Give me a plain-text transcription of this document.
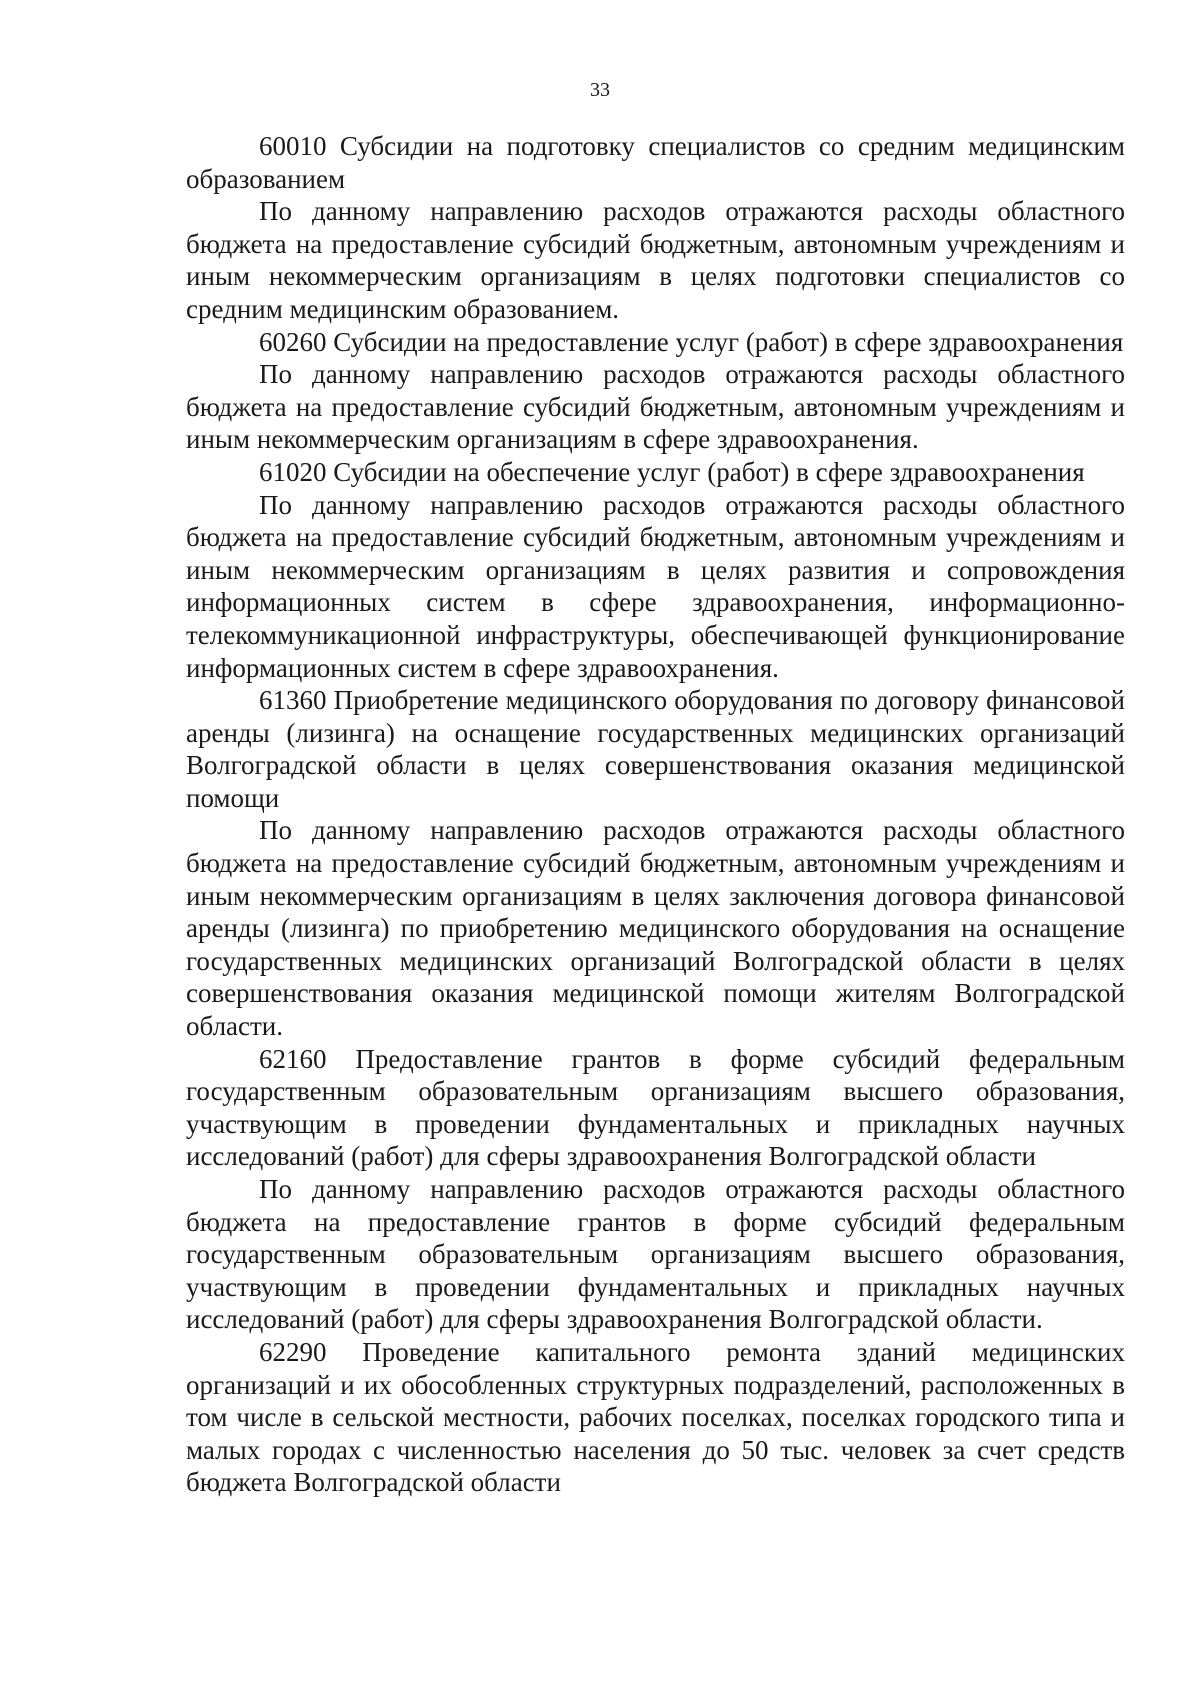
33

60010 Субсидии на подготовку специалистов со средним медицинским образованием

По данному направлению расходов отражаются расходы областного бюджета на предоставление субсидий бюджетным, автономным учреждениям и иным некоммерческим организациям в целях подготовки специалистов со средним медицинским образованием.

60260 Субсидии на предоставление услуг (работ) в сфере здравоохранения

По данному направлению расходов отражаются расходы областного бюджета на предоставление субсидий бюджетным, автономным учреждениям и иным некоммерческим организациям в сфере здравоохранения.

61020 Субсидии на обеспечение услуг (работ) в сфере здравоохранения

По данному направлению расходов отражаются расходы областного бюджета на предоставление субсидий бюджетным, автономным учреждениям и иным некоммерческим организациям в целях развития и сопровождения информационных систем в сфере здравоохранения, информационно-телекоммуникационной инфраструктуры, обеспечивающей функционирование информационных систем в сфере здравоохранения.

61360 Приобретение медицинского оборудования по договору финансовой аренды (лизинга) на оснащение государственных медицинских организаций Волгоградской области в целях совершенствования оказания медицинской помощи

По данному направлению расходов отражаются расходы областного бюджета на предоставление субсидий бюджетным, автономным учреждениям и иным некоммерческим организациям в целях заключения договора финансовой аренды (лизинга) по приобретению медицинского оборудования на оснащение государственных медицинских организаций Волгоградской области в целях совершенствования оказания медицинской помощи жителям Волгоградской области.

62160 Предоставление грантов в форме субсидий федеральным государственным образовательным организациям высшего образования, участвующим в проведении фундаментальных и прикладных научных исследований (работ) для сферы здравоохранения Волгоградской области

По данному направлению расходов отражаются расходы областного бюджета на предоставление грантов в форме субсидий федеральным государственным образовательным организациям высшего образования, участвующим в проведении фундаментальных и прикладных научных исследований (работ) для сферы здравоохранения Волгоградской области.

62290 Проведение капитального ремонта зданий медицинских организаций и их обособленных структурных подразделений, расположенных в том числе в сельской местности, рабочих поселках, поселках городского типа и малых городах с численностью населения до 50 тыс. человек за счет средств бюджета Волгоградской области
